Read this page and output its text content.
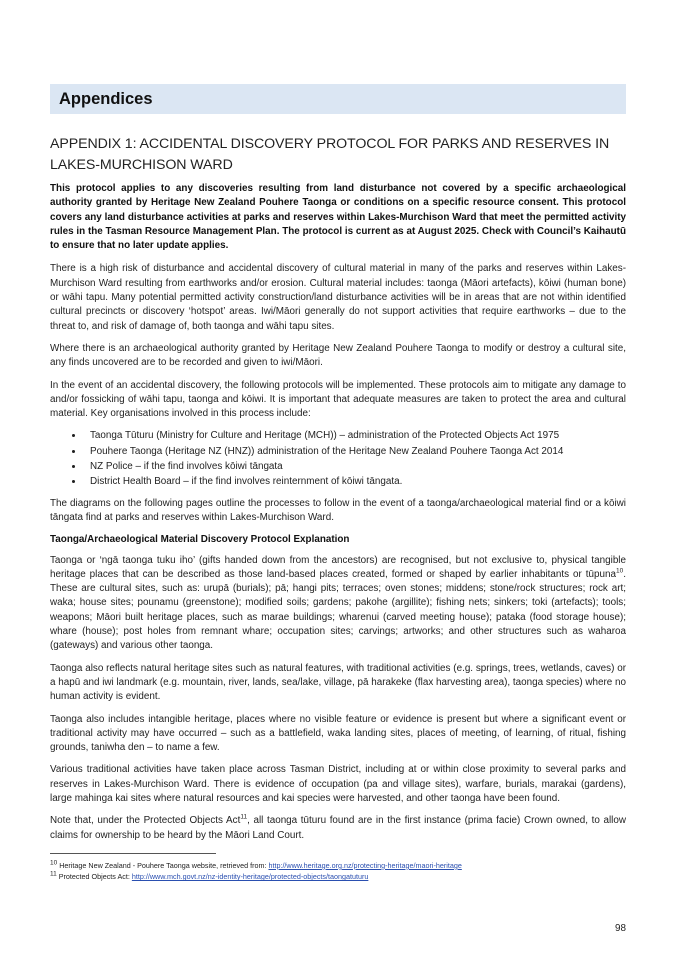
Appendices
APPENDIX 1: ACCIDENTAL DISCOVERY PROTOCOL FOR PARKS AND RESERVES IN LAKES-MURCHISON WARD

This protocol applies to any discoveries resulting from land disturbance not covered by a specific archaeological authority granted by Heritage New Zealand Pouhere Taonga or conditions on a specific resource consent. This protocol covers any land disturbance activities at parks and reserves within Lakes-Murchison Ward that meet the permitted activity rules in the Tasman Resource Management Plan. The protocol is current as at August 2025. Check with Council’s Kaihautū to ensure that no later update applies.

There is a high risk of disturbance and accidental discovery of cultural material in many of the parks and reserves within Lakes-Murchison Ward resulting from earthworks and/or erosion. Cultural material includes: taonga (Māori artefacts), kōiwi (human bone) or wāhi tapu. Many potential permitted activity construction/land disturbance activities will be in areas that are not within identified cultural precincts or discovery ‘hotspot’ areas. Iwi/Māori generally do not support activities that require earthworks – due to the threat to, and risk of damage of, both taonga and wāhi tapu sites.

Where there is an archaeological authority granted by Heritage New Zealand Pouhere Taonga to modify or destroy a cultural site, any finds uncovered are to be recorded and given to iwi/Māori.

In the event of an accidental discovery, the following protocols will be implemented. These protocols aim to mitigate any damage to and/or fossicking of wāhi tapu, taonga and kōiwi. It is important that adequate measures are taken to protect the area and cultural material. Key organisations involved in this process include:

• Taonga Tūturu (Ministry for Culture and Heritage (MCH)) – administration of the Protected Objects Act 1975
• Pouhere Taonga (Heritage NZ (HNZ)) administration of the Heritage New Zealand Pouhere Taonga Act 2014
• NZ Police – if the find involves kōiwi tāngata
• District Health Board – if the find involves reinternment of kōiwi tāngata.

The diagrams on the following pages outline the processes to follow in the event of a taonga/archaeological material find or a kōiwi tāngata find at parks and reserves within Lakes-Murchison Ward.

Taonga/Archaeological Material Discovery Protocol Explanation

Taonga or ‘ngā taonga tuku iho’ (gifts handed down from the ancestors) are recognised, but not exclusive to, physical tangible heritage places that can be described as those land-based places created, formed or shaped by earlier inhabitants or tūpuna$^{10}$. These are cultural sites, such as: urupā (burials); pā; hangi pits; terraces; oven stones; middens; stone/rock structures; rock art; waka; house sites; pounamu (greenstone); modified soils; gardens; pakohe (argillite); fishing nets; sinkers; toki (artefacts); tools; weapons; Māori built heritage places, such as marae buildings; wharenui (carved meeting house); pataka (food storage house); whare (house); post holes from remnant whare; occupation sites; carvings; artworks; and other structures such as waharoa (gateways) and various other taonga.

Taonga also reflects natural heritage sites such as natural features, with traditional activities (e.g. springs, trees, wetlands, caves) or a hapū and iwi landmark (e.g. mountain, river, lands, sea/lake, village, pā harakeke (flax harvesting area), taonga species) where no human activity is evident.

Taonga also includes intangible heritage, places where no visible feature or evidence is present but where a significant event or traditional activity may have occurred – such as a battlefield, waka landing sites, places of meeting, of learning, of ritual, fishing grounds, taniwha den – to name a few.

Various traditional activities have taken place across Tasman District, including at or within close proximity to several parks and reserves in Lakes-Murchison Ward. There is evidence of occupation (pa and village sites), warfare, burials, marakai (gardens), large mahinga kai sites where natural resources and kai species were harvested, and other taonga have been found.

Note that, under the Protected Objects Act$^{11}$, all taonga tūturu found are in the first instance (prima facie) Crown owned, to allow claims for ownership to be heard by the Māori Land Court.

$^{10}$ Heritage New Zealand - Pouhere Taonga website, retrieved from: http://www.heritage.org.nz/protecting-heritage/maori-heritage
$^{11}$ Protected Objects Act: http://www.mch.govt.nz/nz-identity-heritage/protected-objects/taongatuturu
98
